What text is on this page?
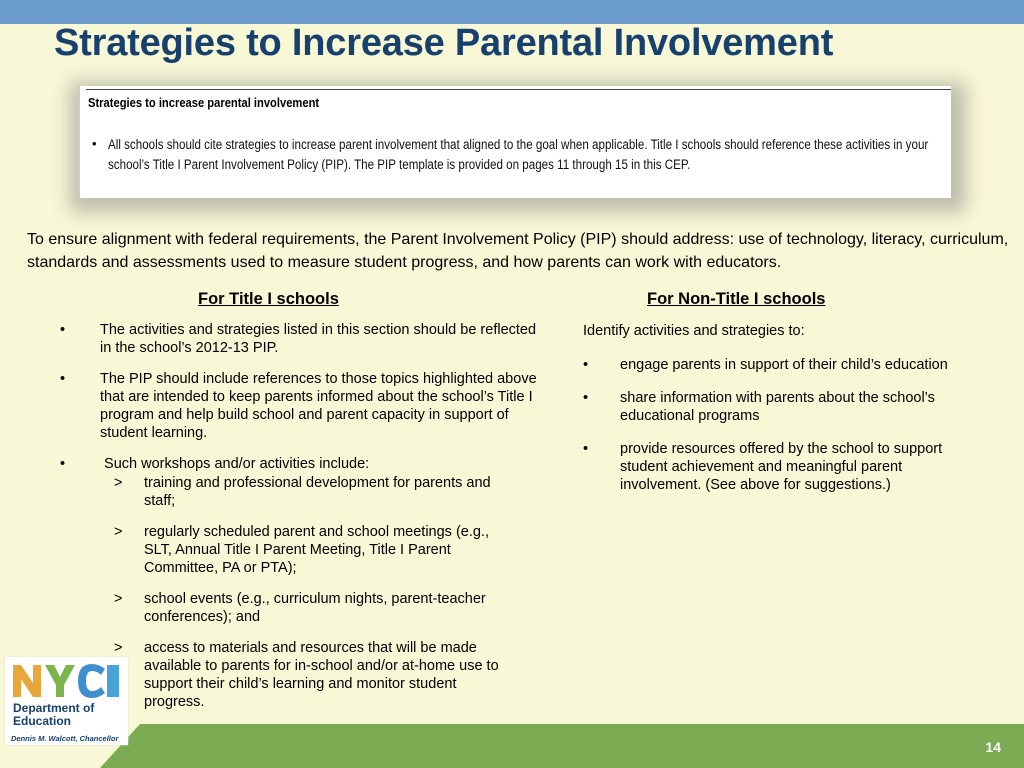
Strategies to Increase Parental Involvement
Strategies to increase parental involvement
• All schools should cite strategies to increase parent involvement that aligned to the goal when applicable. Title I schools should reference these activities in your school’s Title I Parent Involvement Policy (PIP). The PIP template is provided on pages 11 through 15 in this CEP.

To ensure alignment with federal requirements, the Parent Involvement Policy (PIP) should address: use of technology, literacy, curriculum, standards and assessments used to measure student progress, and how parents can work with educators.

For Title I schools	For Non-Title I schools
• The activities and strategies listed in this section should be reflected in the school’s 2012-13 PIP.
• The PIP should include references to those topics highlighted above that are intended to keep parents informed about the school’s Title I program and help build school and parent capacity in support of student learning.
• Such workshops and/or activities include:
> training and professional development for parents and staff;
> regularly scheduled parent and school meetings (e.g., SLT, Annual Title I Parent Meeting, Title I Parent Committee, PA or PTA);
> school events (e.g., curriculum nights, parent-teacher conferences); and
> access to materials and resources that will be made available to parents for in-school and/or at-home use to support their child’s learning and monitor student progress.

Identify activities and strategies to:

• engage parents in support of their child’s education
• share information with parents about the school’s educational programs
• provide resources offered by the school to support student achievement and meaningful parent involvement. (See above for suggestions.)
14
Department of
Education
Dennis M. Walcott, Chancellor
